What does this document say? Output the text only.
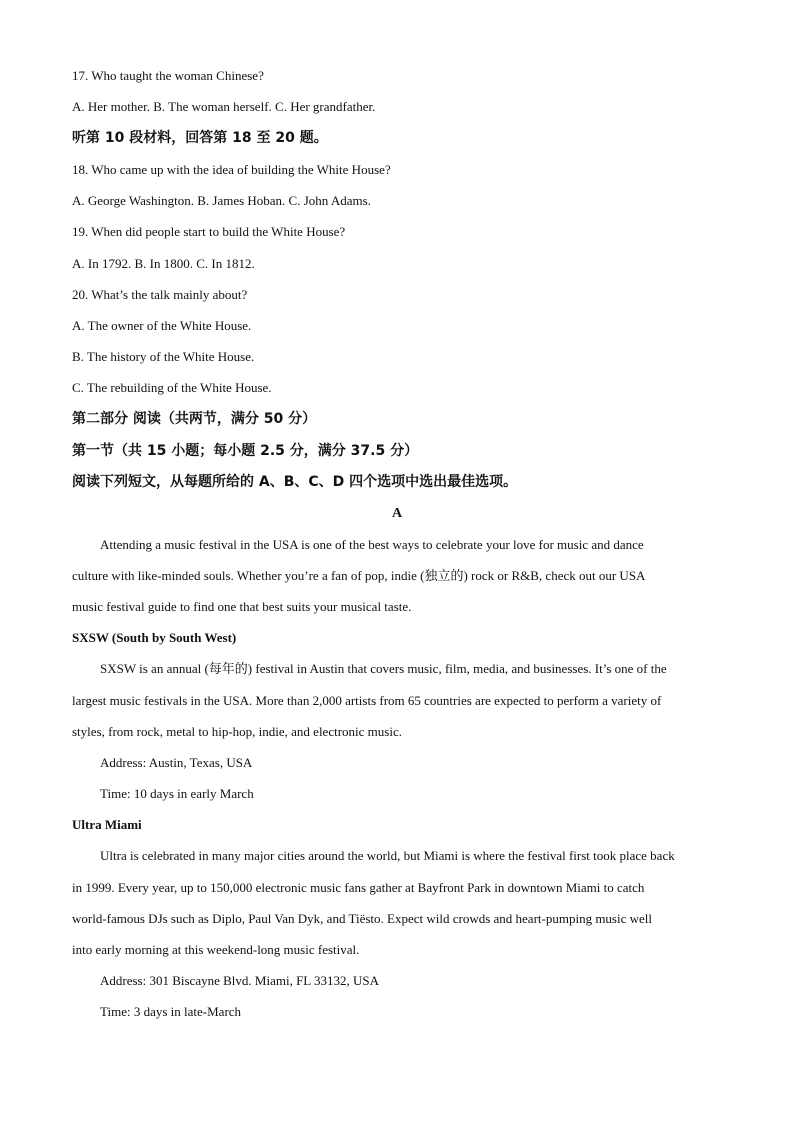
17. Who taught the woman Chinese?
A. Her mother. B. The woman herself. C. Her grandfather.
听第 10 段材料，回答第 18 至 20 题。
18. Who came up with the idea of building the White House?
A. George Washington. B. James Hoban. C. John Adams.
19. When did people start to build the White House?
A. In 1792. B. In 1800. C. In 1812.
20. What’s the talk mainly about?
A. The owner of the White House.
B. The history of the White House.
C. The rebuilding of the White House.
第二部分 阅读（共两节，满分 50 分）
第一节（共 15 小题；每小题 2.5 分，满分 37.5 分）
阅读下列短文，从每题所给的 A、B、C、D 四个选项中选出最佳选项。
A
Attending a music festival in the USA is one of the best ways to celebrate your love for music and dance
culture with like-minded souls. Whether you’re a fan of pop, indie (独立的) rock or R&B, check out our USA
music festival guide to find one that best suits your musical taste.
SXSW (South by South West)
SXSW is an annual (每年的) festival in Austin that covers music, film, media, and businesses. It’s one of the
largest music festivals in the USA. More than 2,000 artists from 65 countries are expected to perform a variety of
styles, from rock, metal to hip-hop, indie, and electronic music.
Address: Austin, Texas, USA
Time: 10 days in early March
Ultra Miami
Ultra is celebrated in many major cities around the world, but Miami is where the festival first took place back
in 1999. Every year, up to 150,000 electronic music fans gather at Bayfront Park in downtown Miami to catch
world-famous DJs such as Diplo, Paul Van Dyk, and Tiësto. Expect wild crowds and heart-pumping music well
into early morning at this weekend-long music festival.
Address: 301 Biscayne Blvd. Miami, FL 33132, USA
Time: 3 days in late-March
